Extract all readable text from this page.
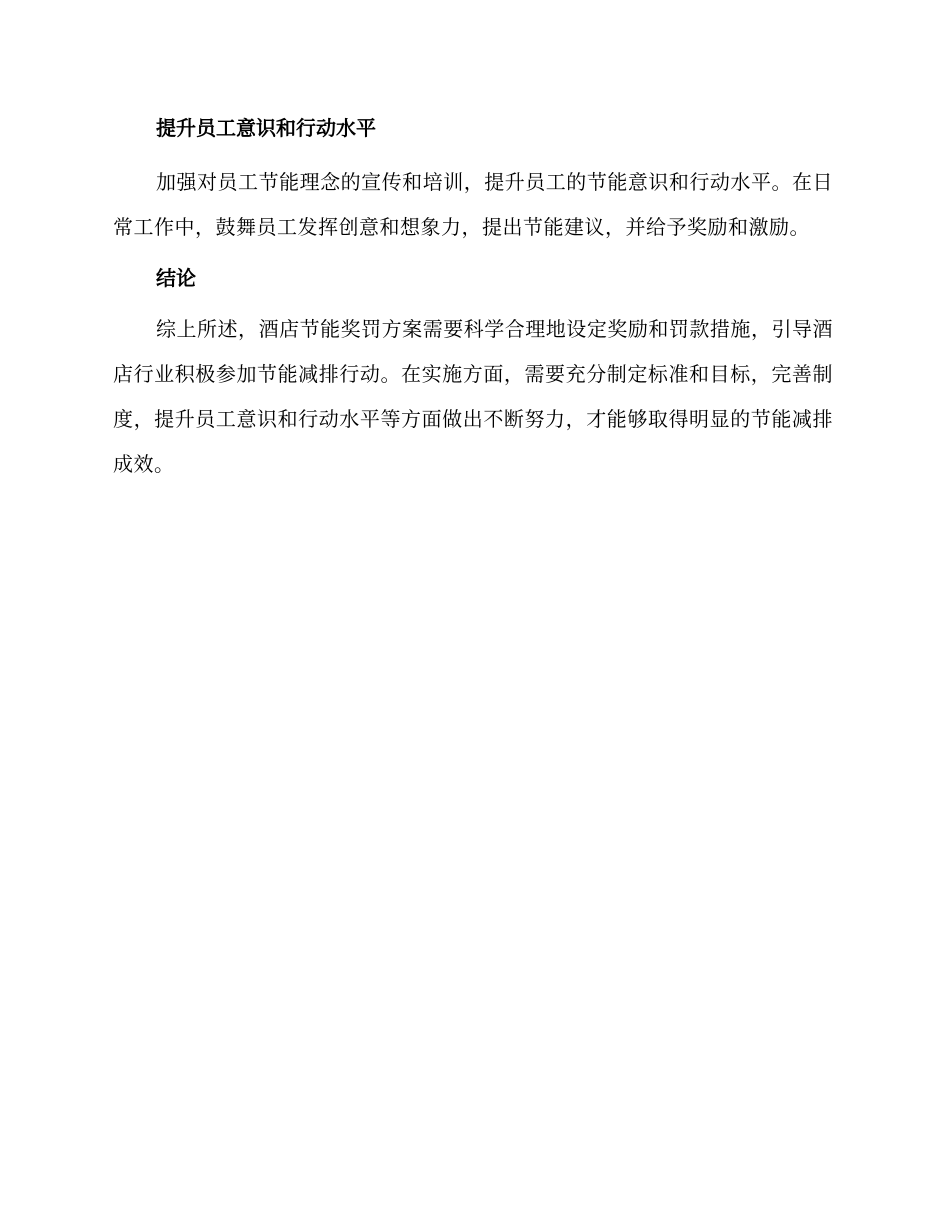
提升员工意识和行动水平

加强对员工节能理念的宣传和培训，提升员工的节能意识和行动水平。在日常工作中，鼓舞员工发挥创意和想象力，提出节能建议，并给予奖励和激励。

结论

综上所述，酒店节能奖罚方案需要科学合理地设定奖励和罚款措施，引导酒店行业积极参加节能减排行动。在实施方面，需要充分制定标准和目标，完善制度，提升员工意识和行动水平等方面做出不断努力，才能够取得明显的节能减排成效。
